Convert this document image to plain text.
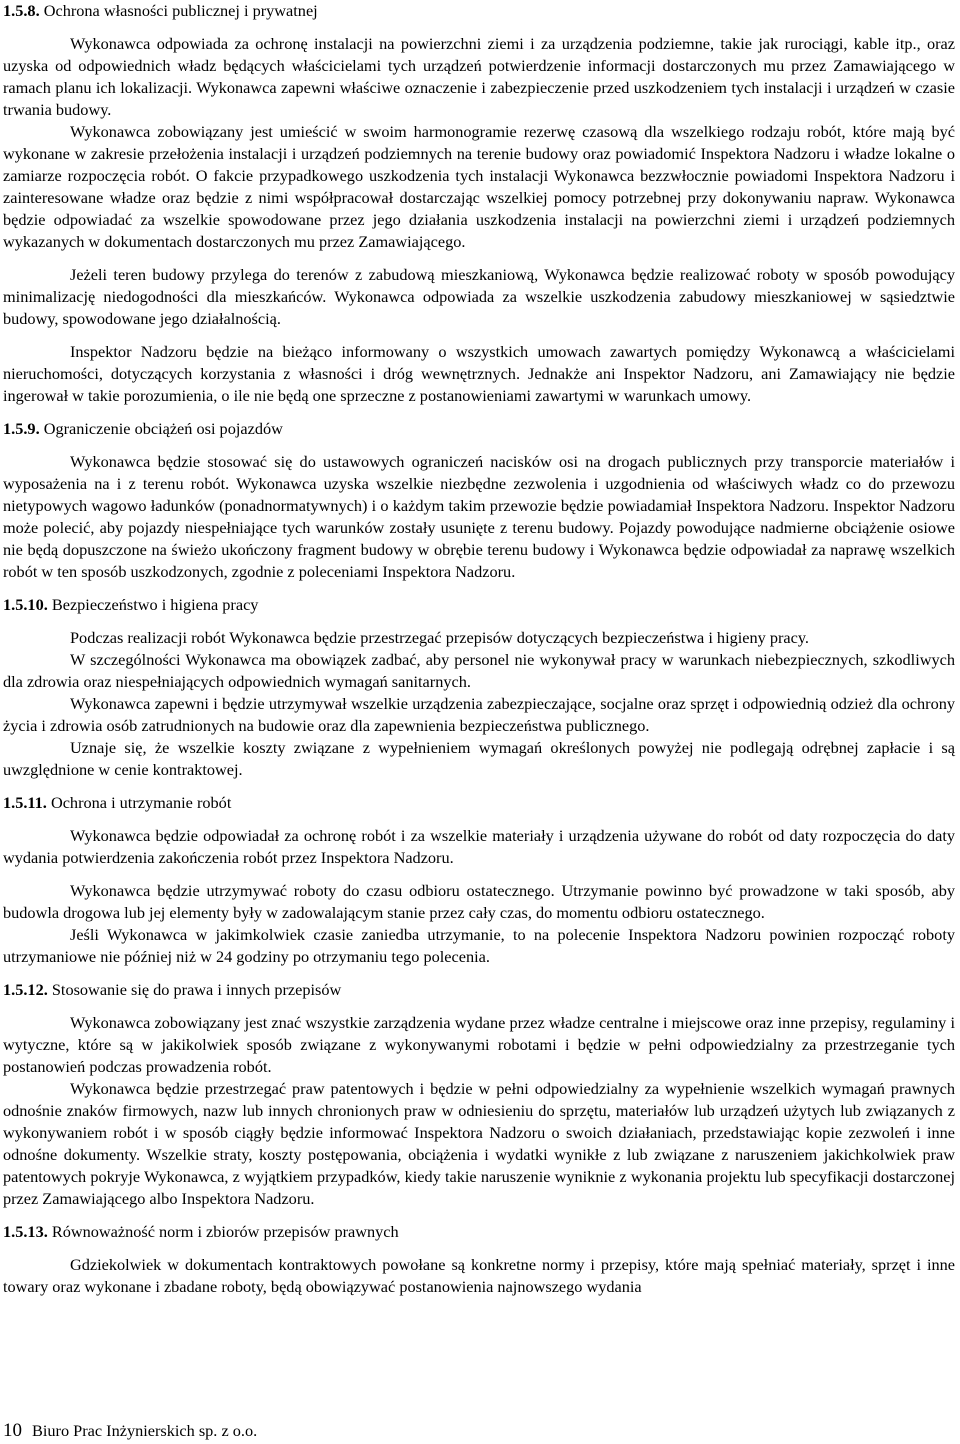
1.5.8. Ochrona własności publicznej i prywatnej

Wykonawca odpowiada za ochronę instalacji na powierzchni ziemi i za urządzenia podziemne, takie jak rurociągi, kable itp., oraz uzyska od odpowiednich władz będących właścicielami tych urządzeń potwierdzenie informacji dostarczonych mu przez Zamawiającego w ramach planu ich lokalizacji. Wykonawca zapewni właściwe oznaczenie i zabezpieczenie przed uszkodzeniem tych instalacji i urządzeń w czasie trwania budowy.

Wykonawca zobowiązany jest umieścić w swoim harmonogramie rezerwę czasową dla wszelkiego rodzaju robót, które mają być wykonane w zakresie przełożenia instalacji i urządzeń podziemnych na terenie budowy oraz powiadomić Inspektora Nadzoru i władze lokalne o zamiarze rozpoczęcia robót. O fakcie przypadkowego uszkodzenia tych instalacji Wykonawca bezzwłocznie powiadomi Inspektora Nadzoru i zainteresowane władze oraz będzie z nimi współpracował dostarczając wszelkiej pomocy potrzebnej przy dokonywaniu napraw. Wykonawca będzie odpowiadać za wszelkie spowodowane przez jego działania uszkodzenia instalacji na powierzchni ziemi i urządzeń podziemnych wykazanych w dokumentach dostarczonych mu przez Zamawiającego.

Jeżeli teren budowy przylega do terenów z zabudową mieszkaniową, Wykonawca będzie realizować roboty w sposób powodujący minimalizację niedogodności dla mieszkańców. Wykonawca odpowiada za wszelkie uszkodzenia zabudowy mieszkaniowej w sąsiedztwie budowy, spowodowane jego działalnością.

Inspektor Nadzoru będzie na bieżąco informowany o wszystkich umowach zawartych pomiędzy Wykonawcą a właścicielami nieruchomości, dotyczących korzystania z własności i dróg wewnętrznych. Jednakże ani Inspektor Nadzoru, ani Zamawiający nie będzie ingerował w takie porozumienia, o ile nie będą one sprzeczne z postanowieniami zawartymi w warunkach umowy.

1.5.9. Ograniczenie obciążeń osi pojazdów

Wykonawca będzie stosować się do ustawowych ograniczeń nacisków osi na drogach publicznych przy transporcie materiałów i wyposażenia na i z terenu robót. Wykonawca uzyska wszelkie niezbędne zezwolenia i uzgodnienia od właściwych władz co do przewozu nietypowych wagowo ładunków (ponadnormatywnych) i o każdym takim przewozie będzie powiadamiał Inspektora Nadzoru. Inspektor Nadzoru może polecić, aby pojazdy niespełniające tych warunków zostały usunięte z terenu budowy. Pojazdy powodujące nadmierne obciążenie osiowe nie będą dopuszczone na świeżo ukończony fragment budowy w obrębie terenu budowy i Wykonawca będzie odpowiadał za naprawę wszelkich robót w ten sposób uszkodzonych, zgodnie z poleceniami Inspektora Nadzoru.

1.5.10. Bezpieczeństwo i higiena pracy

Podczas realizacji robót Wykonawca będzie przestrzegać przepisów dotyczących bezpieczeństwa i higieny pracy.

W szczególności Wykonawca ma obowiązek zadbać, aby personel nie wykonywał pracy w warunkach niebezpiecznych, szkodliwych dla zdrowia oraz niespełniających odpowiednich wymagań sanitarnych.

Wykonawca zapewni i będzie utrzymywał wszelkie urządzenia zabezpieczające, socjalne oraz sprzęt i odpowiednią odzież dla ochrony życia i zdrowia osób zatrudnionych na budowie oraz dla zapewnienia bezpieczeństwa publicznego.

Uznaje się, że wszelkie koszty związane z wypełnieniem wymagań określonych powyżej nie podlegają odrębnej zapłacie i są uwzględnione w cenie kontraktowej.

1.5.11. Ochrona i utrzymanie robót

Wykonawca będzie odpowiadał za ochronę robót i za wszelkie materiały i urządzenia używane do robót od daty rozpoczęcia do daty wydania potwierdzenia zakończenia robót przez Inspektora Nadzoru.

Wykonawca będzie utrzymywać roboty do czasu odbioru ostatecznego. Utrzymanie powinno być prowadzone w taki sposób, aby budowla drogowa lub jej elementy były w zadowalającym stanie przez cały czas, do momentu odbioru ostatecznego.

Jeśli Wykonawca w jakimkolwiek czasie zaniedba utrzymanie, to na polecenie Inspektora Nadzoru powinien rozpocząć roboty utrzymaniowe nie później niż w 24 godziny po otrzymaniu tego polecenia.

1.5.12. Stosowanie się do prawa i innych przepisów

Wykonawca zobowiązany jest znać wszystkie zarządzenia wydane przez władze centralne i miejscowe oraz inne przepisy, regulaminy i wytyczne, które są w jakikolwiek sposób związane z wykonywanymi robotami i będzie w pełni odpowiedzialny za przestrzeganie tych postanowień podczas prowadzenia robót.

Wykonawca będzie przestrzegać praw patentowych i będzie w pełni odpowiedzialny za wypełnienie wszelkich wymagań prawnych odnośnie znaków firmowych, nazw lub innych chronionych praw w odniesieniu do sprzętu, materiałów lub urządzeń użytych lub związanych z wykonywaniem robót i w sposób ciągły będzie informować Inspektora Nadzoru o swoich działaniach, przedstawiając kopie zezwoleń i inne odnośne dokumenty. Wszelkie straty, koszty postępowania, obciążenia i wydatki wynikłe z lub związane z naruszeniem jakichkolwiek praw patentowych pokryje Wykonawca, z wyjątkiem przypadków, kiedy takie naruszenie wyniknie z wykonania projektu lub specyfikacji dostarczonej przez Zamawiającego albo Inspektora Nadzoru.

1.5.13. Równoważność norm i zbiorów przepisów prawnych

Gdziekolwiek w dokumentach kontraktowych powołane są konkretne normy i przepisy, które mają spełniać materiały, sprzęt i inne towary oraz wykonane i zbadane roboty, będą obowiązywać postanowienia najnowszego wydania

10 Biuro Prac Inżynierskich sp. z o.o.
